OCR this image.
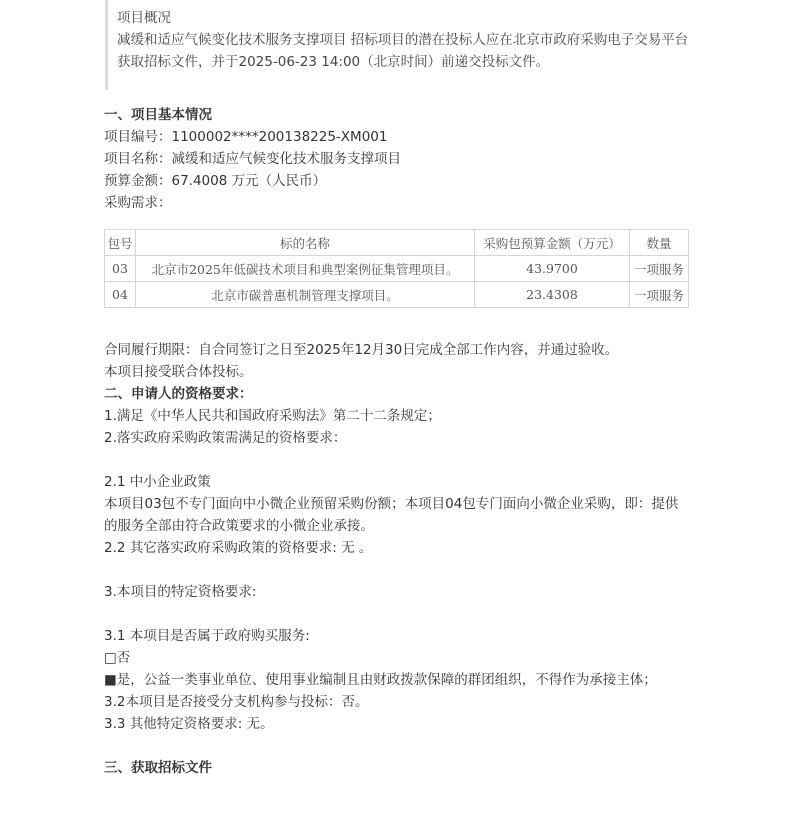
项目概况
减缓和适应气候变化技术服务支撑项目 招标项目的潜在投标人应在北京市政府采购电子交易平台获取招标文件，并于2025-06-23 14:00（北京时间）前递交投标文件。
一、项目基本情况
项目编号：1100002****200138225-XM001
项目名称：减缓和适应气候变化技术服务支撑项目
预算金额：67.4008 万元（人民币）
采购需求：
包号	标的名称	采购包预算金额（万元）	数量
03	北京市2025年低碳技术项目和典型案例征集管理项目。	43.9700	一项服务
04	北京市碳普惠机制管理支撑项目。	23.4308	一项服务
合同履行期限：自合同签订之日至2025年12月30日完成全部工作内容，并通过验收。
本项目接受联合体投标。
二、申请人的资格要求：
1.满足《中华人民共和国政府采购法》第二十二条规定；
2.落实政府采购政策需满足的资格要求：
2.1 中小企业政策
本项目03包不专门面向中小微企业预留采购份额；本项目04包专门面向小微企业采购，即：提供的服务全部由符合政策要求的小微企业承接。
2.2 其它落实政府采购政策的资格要求: 无 。
3.本项目的特定资格要求:
3.1 本项目是否属于政府购买服务:
□否
■是，公益一类事业单位、使用事业编制且由财政拨款保障的群团组织，不得作为承接主体；
3.2本项目是否接受分支机构参与投标：否。
3.3 其他特定资格要求: 无。
三、获取招标文件
